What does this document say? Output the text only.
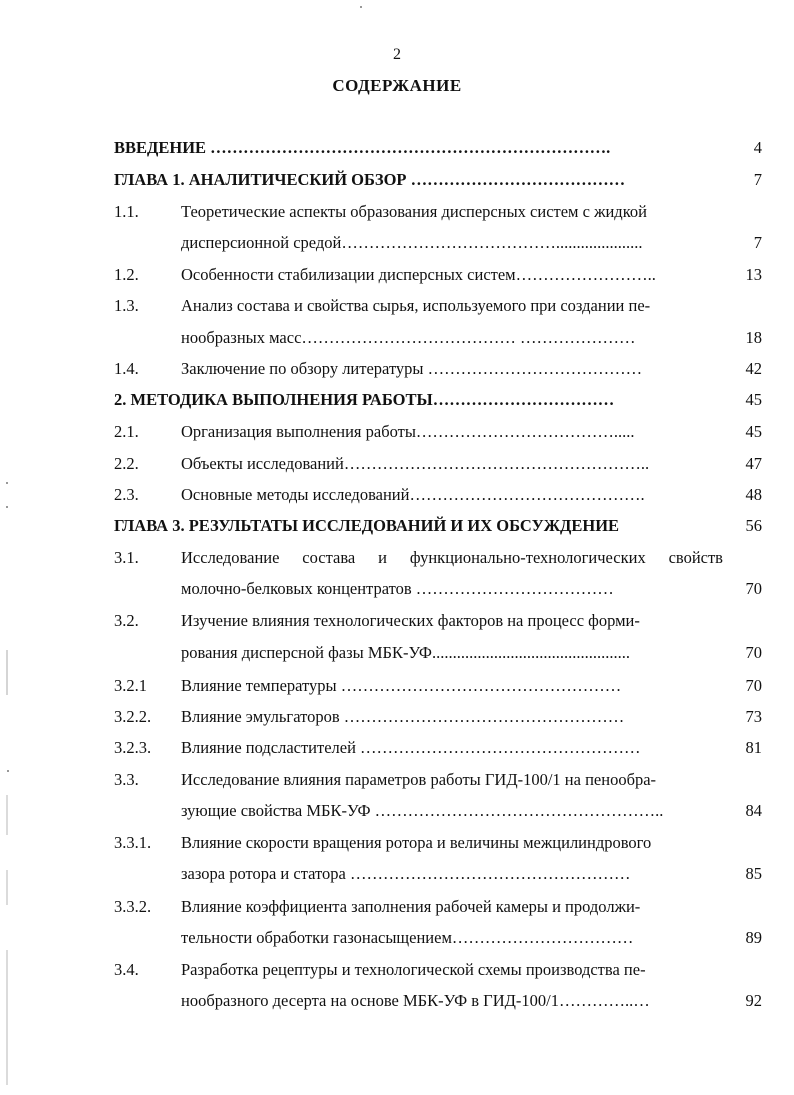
2
СОДЕРЖАНИЕ
ВВЕДЕНИЕ ……………………………………………………………….	4
ГЛАВА 1. АНАЛИТИЧЕСКИЙ ОБЗОР …………………………………	7
1.1.	Теоретические аспекты образования дисперсных систем с жидкой
дисперсионной средой………………………………….....................	7
1.2.	Особенности стабилизации дисперсных систем……………………..	13
1.3.	Анализ состава и свойства сырья, используемого при создании пе-
нообразных масс………………………………… …………………	18
1.4.	Заключение по обзору литературы …………………………………	42
2. МЕТОДИКА ВЫПОЛНЕНИЯ РАБОТЫ……………………………	45
2.1.	Организация выполнения работы……………………………….....	45
2.2.	Объекты исследований………………………………………………..	47
2.3.	Основные методы исследований…………………………………….	48
ГЛАВА 3. РЕЗУЛЬТАТЫ ИССЛЕДОВАНИЙ И ИХ ОБСУЖДЕНИЕ	56
3.1.	Исследование состава и функционально-технологических свойств
молочно-белковых концентратов ………………………………	70
3.2.	Изучение влияния технологических факторов на процесс форми-
рования дисперсной фазы МБК-УФ................................................	70
3.2.1 Влияние температуры ……………………………………………	70
3.2.2. Влияние эмульгаторов ……………………………………………	73
3.2.3. Влияние подсластителей ……………………………………………	81
3.3.	Исследование влияния параметров работы ГИД-100/1 на пенообра-
зующие свойства МБК-УФ ……………………………………………..	84
3.3.1. Влияние скорости вращения ротора и величины межцилиндрового
зазора ротора и статора ……………………………………………	85
3.3.2. Влияние коэффициента заполнения рабочей камеры и продолжи-
тельности обработки газонасыщением……………………………	89
3.4.	Разработка рецептуры и технологической схемы производства пе-
нообразного десерта на основе МБК-УФ в ГИД-100/1…………..…	92
